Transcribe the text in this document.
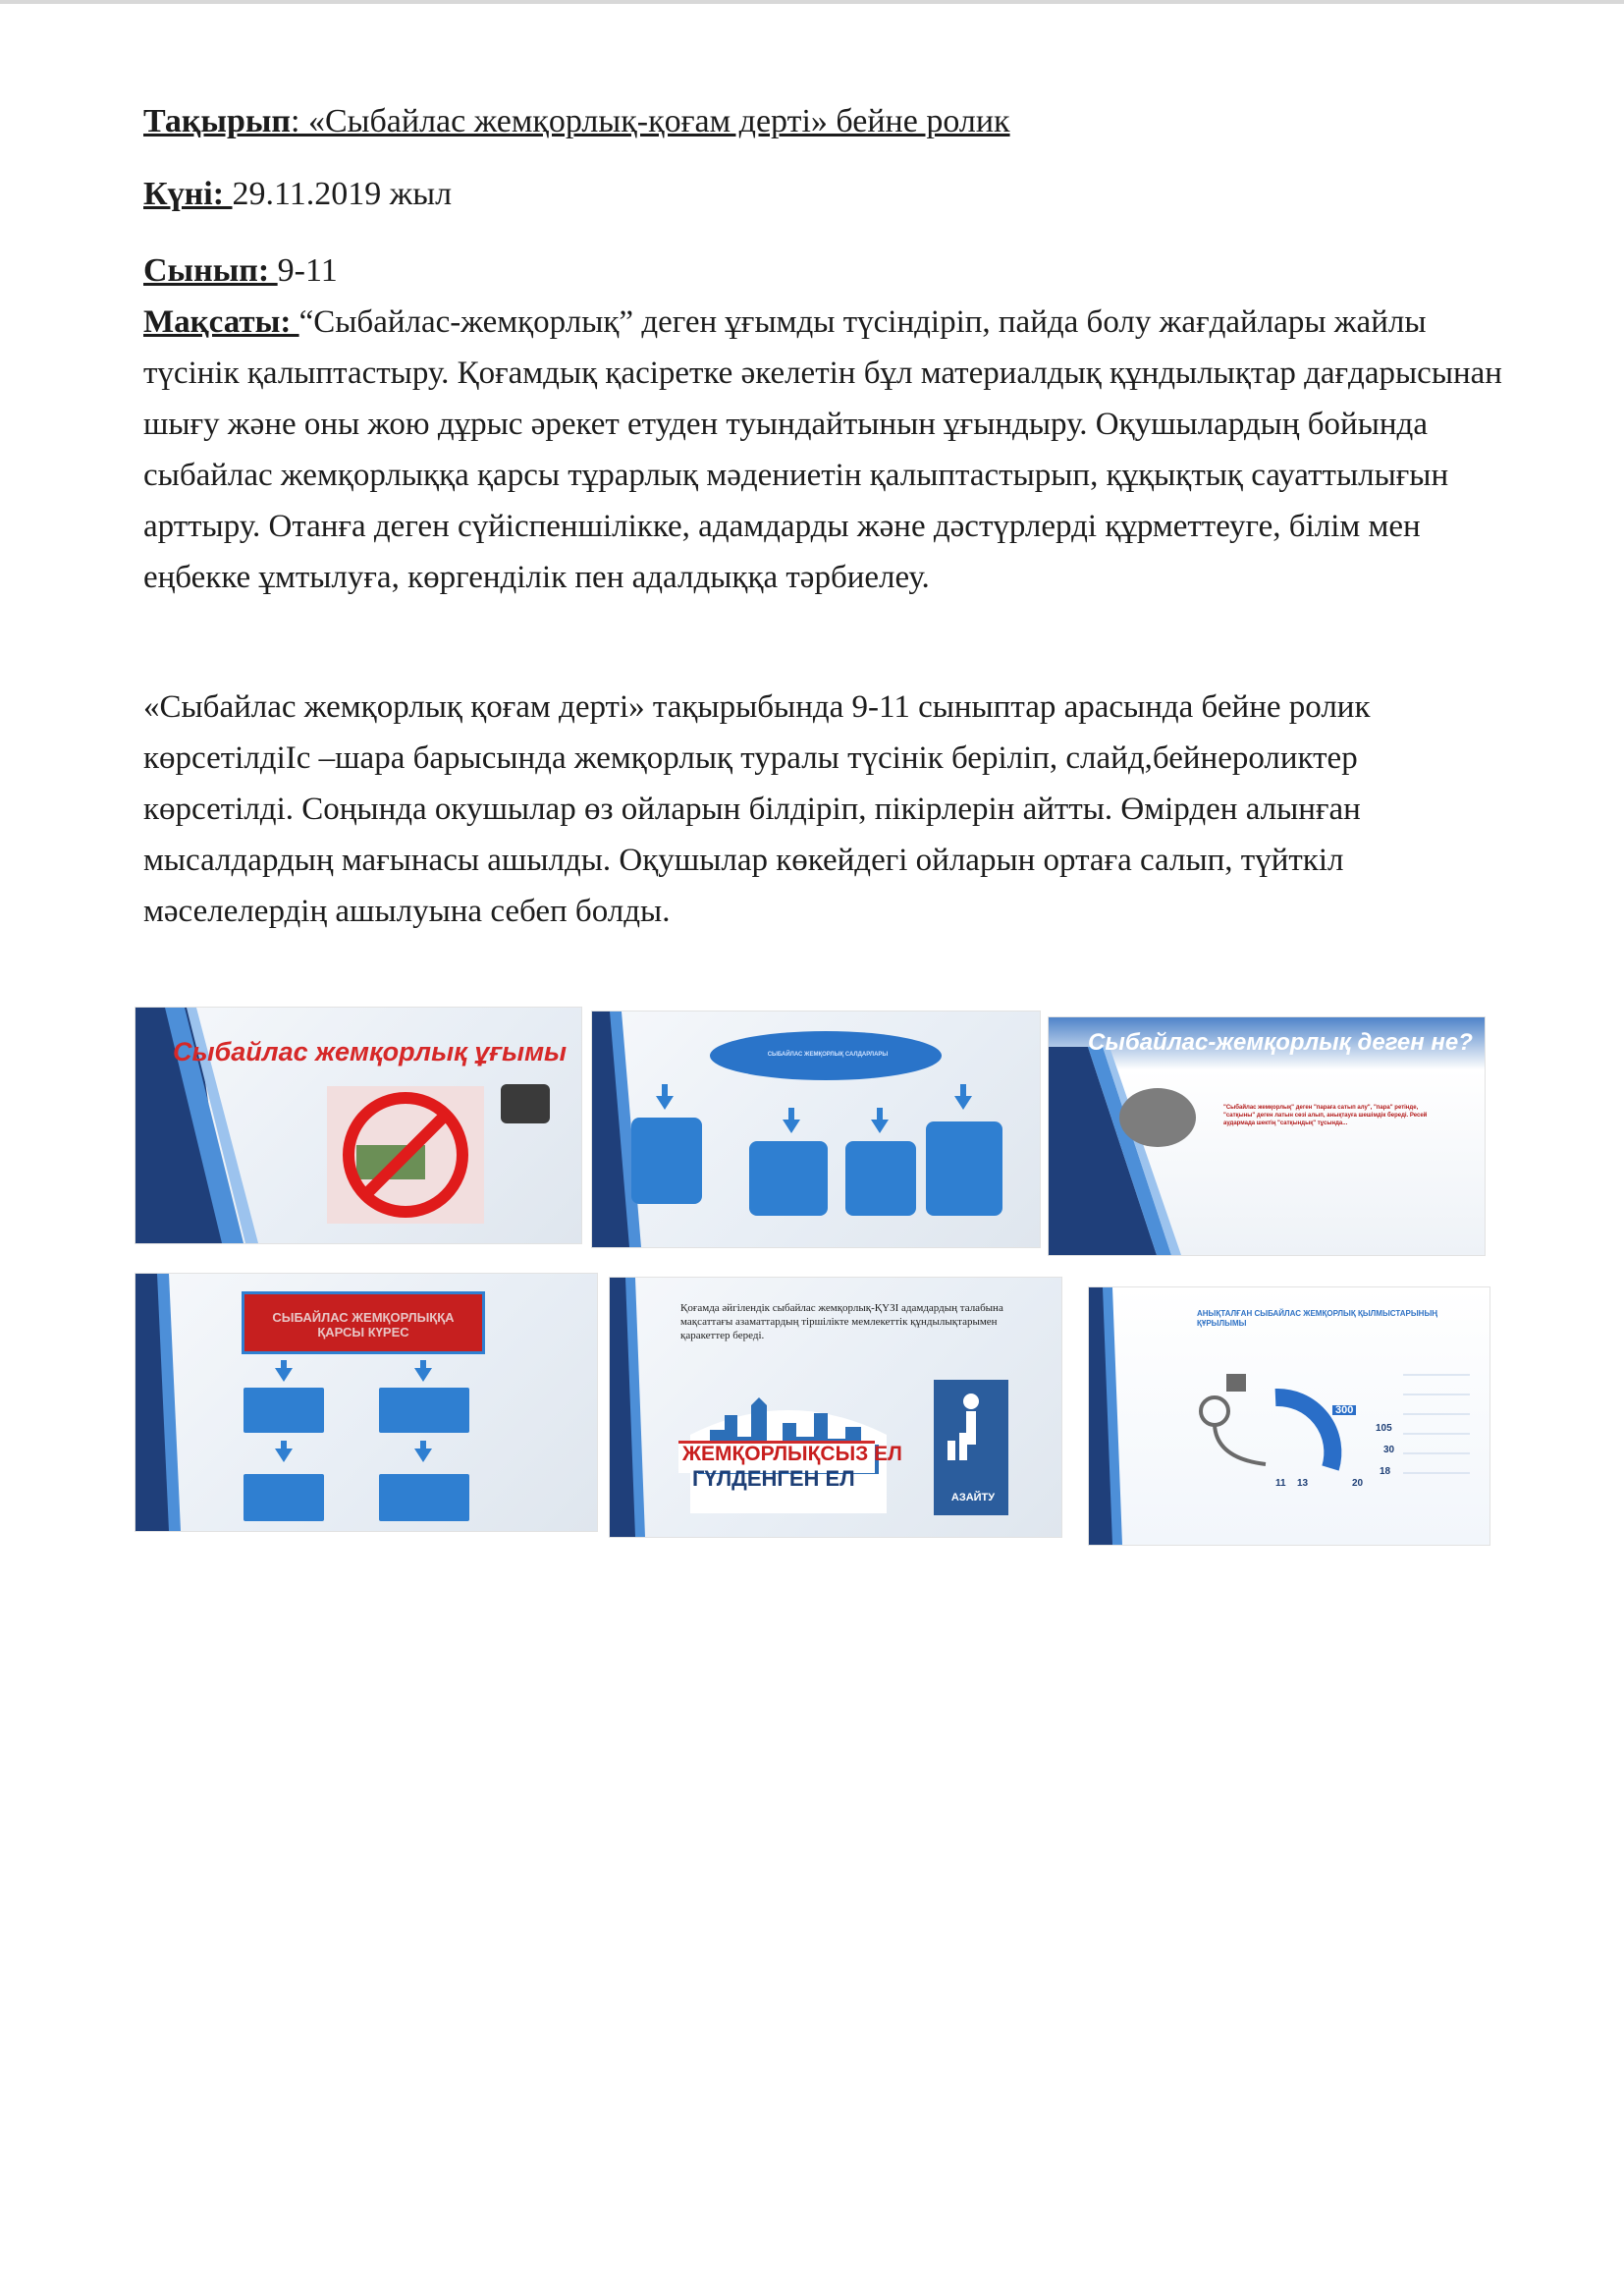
Тақырып: «Сыбайлас жемқорлық-қоғам дерті» бейне ролик
Күні: 29.11.2019 жыл
Сынып: 9-11

Мақсаты: “Сыбайлас-жемқорлық” деген ұғымды түсіндіріп, пайда болу жағдайлары жайлы түсінік қалыптастыру. Қоғамдық қасіретке әкелетін бұл материалдық құндылықтар дағдарысынан шығу және оны жою дұрыс әрекет етуден туындайтынын ұғындыру. Оқушылардың бойында сыбайлас жемқорлыққа қарсы тұрарлық мәдениетін қалыптастырып, құқықтық сауаттылығын арттыру. Отанға деген сүйіспеншілікке, адамдарды және дәстүрлерді құрметтеуге, білім мен еңбекке ұмтылуға, көргенділік пен адалдыққа тәрбиелеу.

«Сыбайлас жемқорлық қоғам дерті» тақырыбында 9-11 сыныптар арасында бейне ролик көрсетілдіІс –шара барысында жемқорлық туралы түсінік беріліп, слайд,бейнероликтер көрсетілді. Соңында окушылар өз ойларын білдіріп, пікірлерін айтты. Өмірден алынған мысалдардың мағынасы ашылды. Оқушылар көкейдегі ойларын ортаға салып, түйткіл мәселелердің ашылуына себеп болды.

Сыбайлас жемқорлық ұғымы	СЫБАЙЛАС ЖЕМҚОРЛЫҚ САЛДАРЛАРЫ	Сыбайлас-жемқорлық деген не?
"Сыбайлас жемқорлық" деген "параға сатып алу", "пара" ретінде, "сатқыны" деген латын сөзі алып, анықтауға шешімдік береді. Ресей аудармада шектің "сатқындық" тұсында...
СЫБАЙЛАС ЖЕМҚОРЛЫҚҚА ҚАРСЫ КҮРЕС
Қоғамда әйгілендік сыбайлас жемқорлық-ҚҮЗІ адамдардың талабына мақсаттағы азаматтардың тіршілікте мемлекеттік құндылықтарымен қаракеттер береді.
ЖЕМҚОРЛЫҚСЫЗ ЕЛ
ГҮЛДЕНГЕН ЕЛ
АЗАЙТУ
АНЫҚТАЛҒАН СЫБАЙЛАС ЖЕМҚОРЛЫҚ ҚЫЛМЫСТАРЫНЫҢ ҚҰРЫЛЫМЫ
300
105
30
18
11 13	20
